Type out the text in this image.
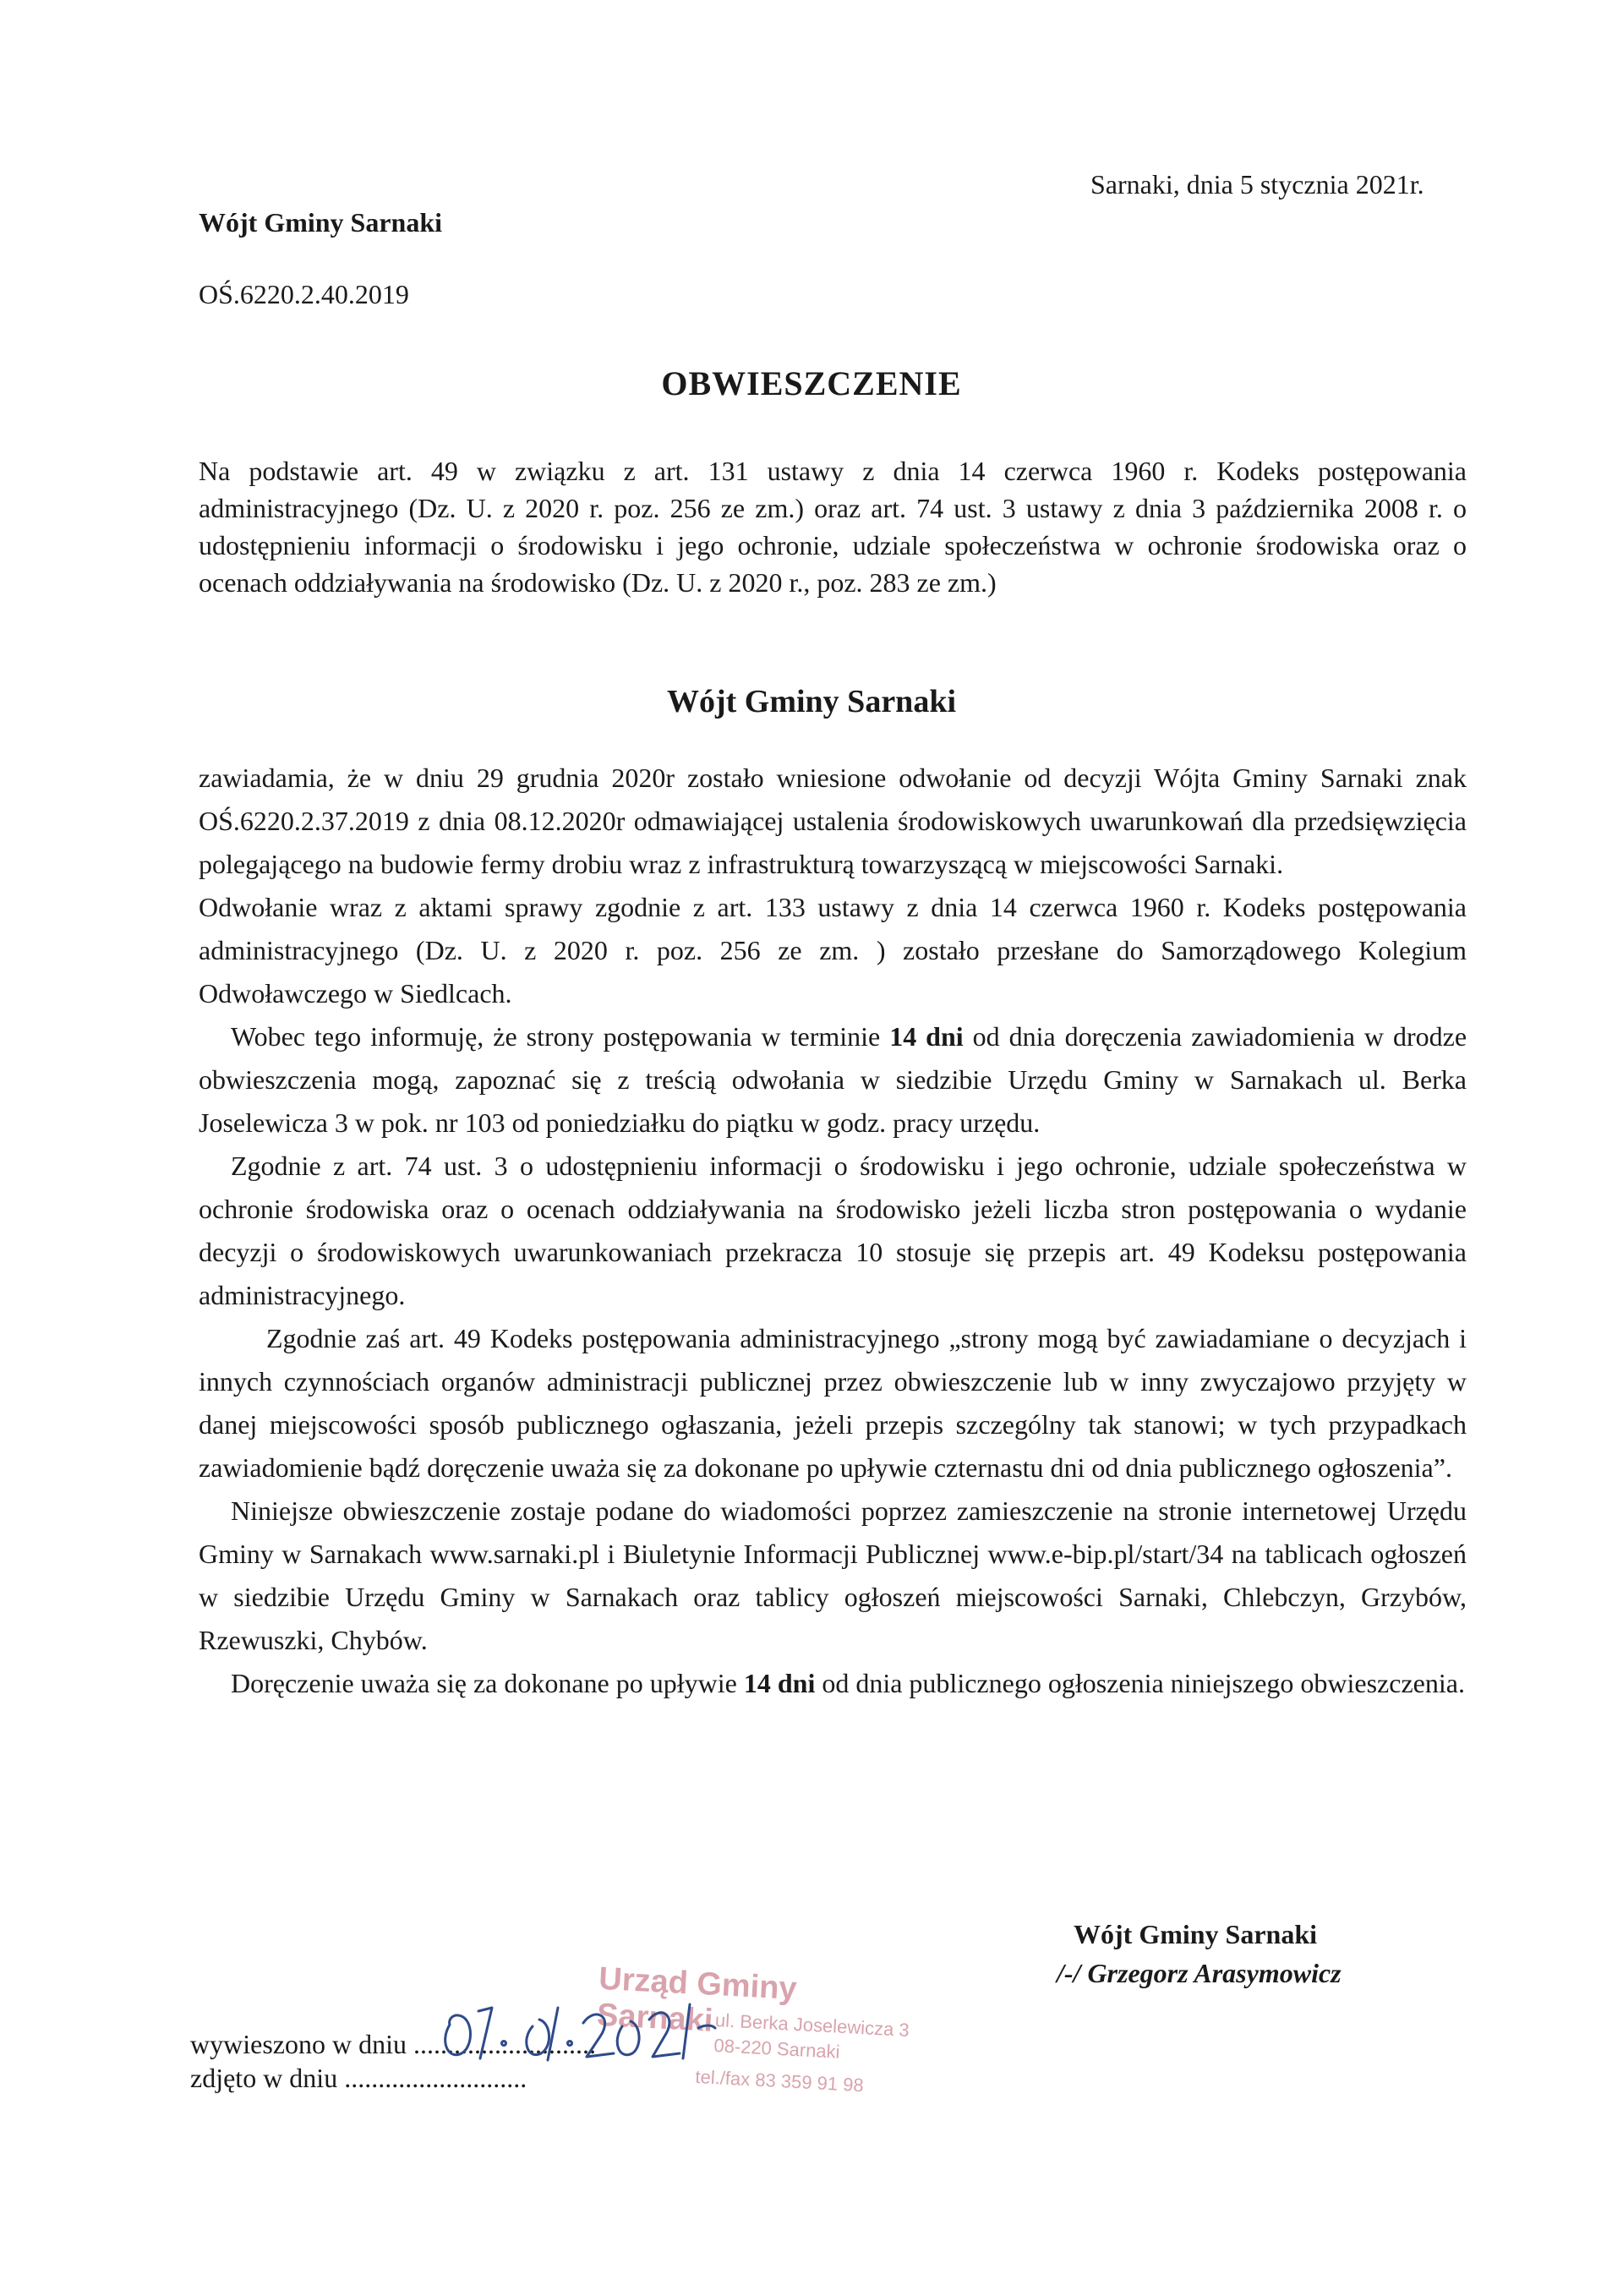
Sarnaki, dnia 5 stycznia 2021r.
Wójt Gminy Sarnaki
OŚ.6220.2.40.2019
OBWIESZCZENIE
Na podstawie art. 49 w związku z art. 131 ustawy z dnia 14 czerwca 1960 r. Kodeks postępowania administracyjnego (Dz. U. z 2020 r. poz. 256 ze zm.) oraz art. 74 ust. 3 ustawy z dnia 3 października 2008 r. o udostępnieniu informacji o środowisku i jego ochronie, udziale społeczeństwa w ochronie środowiska oraz o ocenach oddziaływania na środowisko (Dz. U. z 2020 r., poz. 283 ze zm.)
Wójt Gminy Sarnaki

zawiadamia, że w dniu 29 grudnia 2020r zostało wniesione odwołanie od decyzji Wójta Gminy Sarnaki znak OŚ.6220.2.37.2019 z dnia 08.12.2020r odmawiającej ustalenia środowiskowych uwarunkowań dla przedsięwzięcia polegającego na budowie fermy drobiu wraz z infrastrukturą towarzyszącą w miejscowości Sarnaki.

Odwołanie wraz z aktami sprawy zgodnie z art. 133 ustawy z dnia 14 czerwca 1960 r. Kodeks postępowania administracyjnego (Dz. U. z 2020 r. poz. 256 ze zm. ) zostało przesłane do Samorządowego Kolegium Odwoławczego w Siedlcach.

Wobec tego informuję, że strony postępowania w terminie 14 dni od dnia doręczenia zawiadomienia w drodze obwieszczenia mogą, zapoznać się z treścią odwołania w siedzibie Urzędu Gminy w Sarnakach ul. Berka Joselewicza 3 w pok. nr 103 od poniedziałku do piątku w godz. pracy urzędu.

Zgodnie z art. 74 ust. 3 o udostępnieniu informacji o środowisku i jego ochronie, udziale społeczeństwa w ochronie środowiska oraz o ocenach oddziaływania na środowisko jeżeli liczba stron postępowania o wydanie decyzji o środowiskowych uwarunkowaniach przekracza 10 stosuje się przepis art. 49 Kodeksu postępowania administracyjnego.

Zgodnie zaś art. 49 Kodeks postępowania administracyjnego „strony mogą być zawiadamiane o decyzjach i innych czynnościach organów administracji publicznej przez obwieszczenie lub w inny zwyczajowo przyjęty w danej miejscowości sposób publicznego ogłaszania, jeżeli przepis szczególny tak stanowi; w tych przypadkach zawiadomienie bądź doręczenie uważa się za dokonane po upływie czternastu dni od dnia publicznego ogłoszenia”.

Niniejsze obwieszczenie zostaje podane do wiadomości poprzez zamieszczenie na stronie internetowej Urzędu Gminy w Sarnakach www.sarnaki.pl i Biuletynie Informacji Publicznej www.e-bip.pl/start/34 na tablicach ogłoszeń w siedzibie Urzędu Gminy w Sarnakach oraz tablicy ogłoszeń miejscowości Sarnaki, Chlebczyn, Grzybów, Rzewuszki, Chybów.

Doręczenie uważa się za dokonane po upływie 14 dni od dnia publicznego ogłoszenia niniejszego obwieszczenia.

Wójt Gminy Sarnaki
/-/ Grzegorz Arasymowicz
Urząd Gminy Sarnaki ul. Berka Joselewicza 3
08-220 Sarnaki
tel./fax 83 359 91 98
wywieszono w dniu ...........................
zdjęto w dniu ...........................
